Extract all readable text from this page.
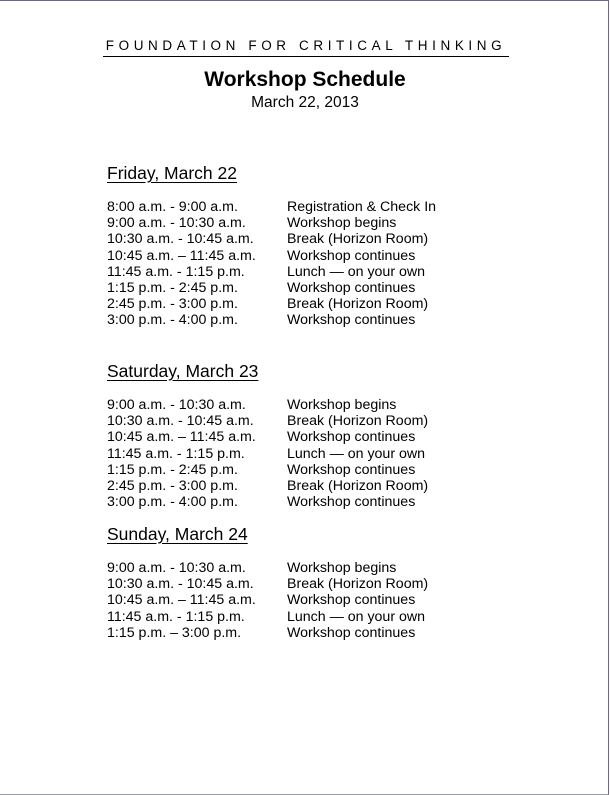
FOUNDATION FOR CRITICAL THINKING
Workshop Schedule
March 22, 2013
Friday, March 22
8:00 a.m. - 9:00 a.m.	Registration & Check In
9:00 a.m. - 10:30 a.m.	Workshop begins
10:30 a.m. - 10:45 a.m. Break (Horizon Room)
10:45 a.m. – 11:45 a.m. Workshop continues
11:45 a.m. - 1:15 p.m.	Lunch — on your own
1:15 p.m. - 2:45 p.m.	Workshop continues
2:45 p.m. - 3:00 p.m.	Break (Horizon Room)
3:00 p.m. - 4:00 p.m.	Workshop continues
Saturday, March 23
9:00 a.m. - 10:30 a.m.	Workshop begins
10:30 a.m. - 10:45 a.m. Break (Horizon Room)
10:45 a.m. – 11:45 a.m. Workshop continues
11:45 a.m. - 1:15 p.m.	Lunch — on your own
1:15 p.m. - 2:45 p.m.	Workshop continues
2:45 p.m. - 3:00 p.m.	Break (Horizon Room)
3:00 p.m. - 4:00 p.m.	Workshop continues
Sunday, March 24
9:00 a.m. - 10:30 a.m.	Workshop begins
10:30 a.m. - 10:45 a.m. Break (Horizon Room)
10:45 a.m. – 11:45 a.m. Workshop continues
11:45 a.m. - 1:15 p.m.	Lunch — on your own
1:15 p.m. – 3:00 p.m.	Workshop continues
